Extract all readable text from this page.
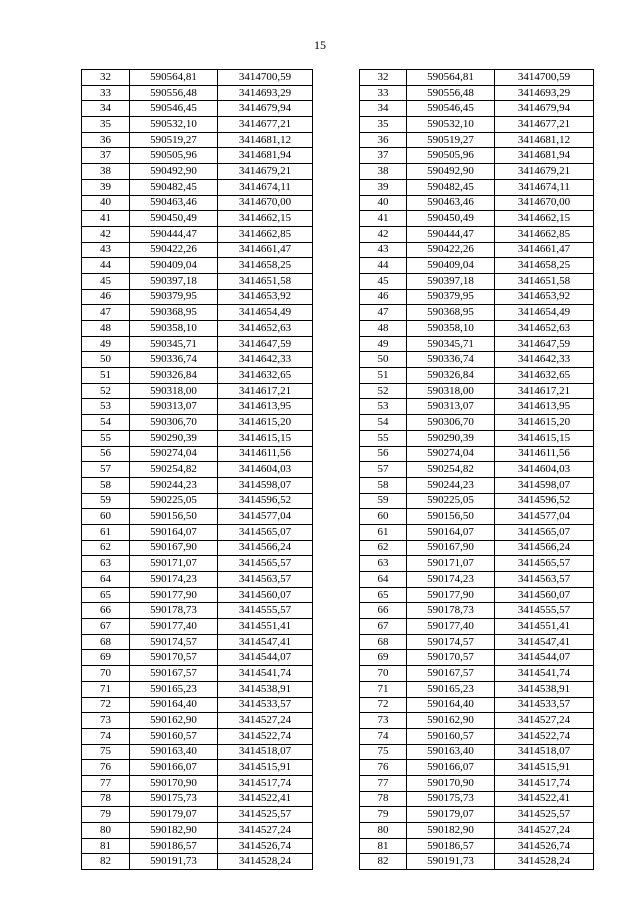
15
32	590564,81	3414700,59		32	590564,81	3414700,59
33	590556,48	3414693,29		33	590556,48	3414693,29
34	590546,45	3414679,94		34	590546,45	3414679,94
35	590532,10	3414677,21		35	590532,10	3414677,21
36	590519,27	3414681,12		36	590519,27	3414681,12
37	590505,96	3414681,94		37	590505,96	3414681,94
38	590492,90	3414679,21		38	590492,90	3414679,21
39	590482,45	3414674,11		39	590482,45	3414674,11
40	590463,46	3414670,00		40	590463,46	3414670,00
41	590450,49	3414662,15		41	590450,49	3414662,15
42	590444,47	3414662,85		42	590444,47	3414662,85
43	590422,26	3414661,47		43	590422,26	3414661,47
44	590409,04	3414658,25		44	590409,04	3414658,25
45	590397,18	3414651,58		45	590397,18	3414651,58
46	590379,95	3414653,92		46	590379,95	3414653,92
47	590368,95	3414654,49		47	590368,95	3414654,49
48	590358,10	3414652,63		48	590358,10	3414652,63
49	590345,71	3414647,59		49	590345,71	3414647,59
50	590336,74	3414642,33		50	590336,74	3414642,33
51	590326,84	3414632,65		51	590326,84	3414632,65
52	590318,00	3414617,21		52	590318,00	3414617,21
53	590313,07	3414613,95		53	590313,07	3414613,95
54	590306,70	3414615,20		54	590306,70	3414615,20
55	590290,39	3414615,15		55	590290,39	3414615,15
56	590274,04	3414611,56		56	590274,04	3414611,56
57	590254,82	3414604,03		57	590254,82	3414604,03
58	590244,23	3414598,07		58	590244,23	3414598,07
59	590225,05	3414596,52		59	590225,05	3414596,52
60	590156,50	3414577,04		60	590156,50	3414577,04
61	590164,07	3414565,07		61	590164,07	3414565,07
62	590167,90	3414566,24		62	590167,90	3414566,24
63	590171,07	3414565,57		63	590171,07	3414565,57
64	590174,23	3414563,57		64	590174,23	3414563,57
65	590177,90	3414560,07		65	590177,90	3414560,07
66	590178,73	3414555,57		66	590178,73	3414555,57
67	590177,40	3414551,41		67	590177,40	3414551,41
68	590174,57	3414547,41		68	590174,57	3414547,41
69	590170,57	3414544,07		69	590170,57	3414544,07
70	590167,57	3414541,74		70	590167,57	3414541,74
71	590165,23	3414538,91		71	590165,23	3414538,91
72	590164,40	3414533,57		72	590164,40	3414533,57
73	590162,90	3414527,24		73	590162,90	3414527,24
74	590160,57	3414522,74		74	590160,57	3414522,74
75	590163,40	3414518,07		75	590163,40	3414518,07
76	590166,07	3414515,91		76	590166,07	3414515,91
77	590170,90	3414517,74		77	590170,90	3414517,74
78	590175,73	3414522,41		78	590175,73	3414522,41
79	590179,07	3414525,57		79	590179,07	3414525,57
80	590182,90	3414527,24		80	590182,90	3414527,24
81	590186,57	3414526,74		81	590186,57	3414526,74
82	590191,73	3414528,24		82	590191,73	3414528,24
